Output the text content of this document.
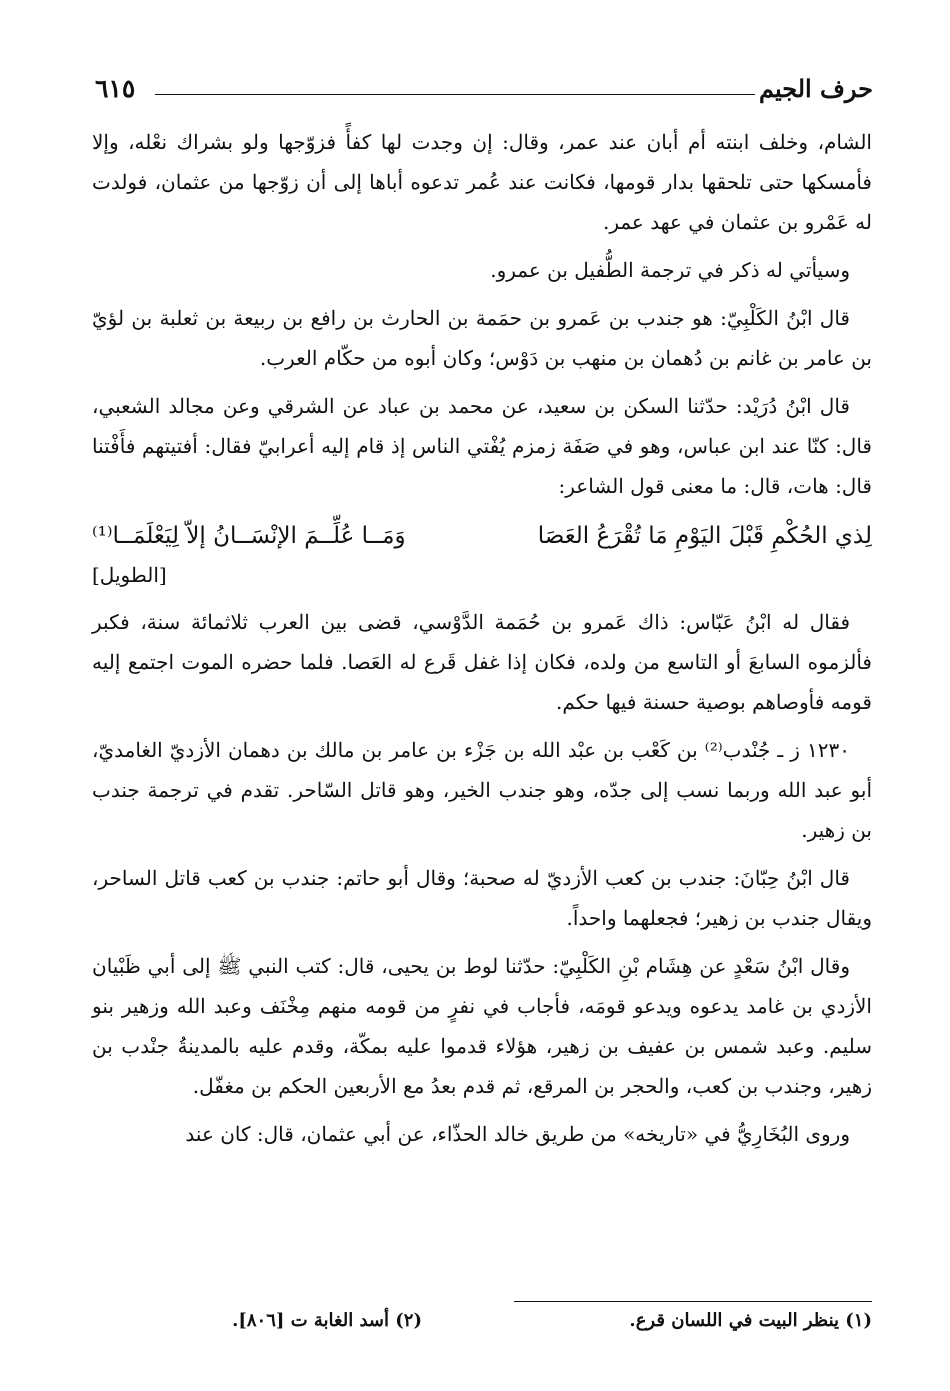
حرف الجيم
٦١٥

الشام، وخلف ابنته أم أبان عند عمر، وقال: إن وجدت لها كفأً فزوّجها ولو بشراك نعْله، وإلا فأمسكها حتى تلحقها بدار قومها، فكانت عند عُمر تدعوه أباها إلى أن زوّجها من عثمان، فولدت له عَمْرو بن عثمان في عهد عمر.

وسيأتي له ذكر في ترجمة الطُّفيل بن عمرو.

قال ابْنُ الكَلْبِيّ: هو جندب بن عَمرو بن حمَمة بن الحارث بن رافع بن ربيعة بن ثعلبة بن لؤيّ بن عامر بن غانم بن دُهمان بن منهب بن دَوْس؛ وكان أبوه من حكّام العرب.

قال ابْنُ دُرَيْد: حدّثنا السكن بن سعيد، عن محمد بن عباد عن الشرقي وعن مجالد الشعبي، قال: كنّا عند ابن عباس، وهو في صَفَة زمزم يُفْتي الناس إذ قام إليه أعرابيّ فقال: أفتيتهم فأَفْتنا قال: هات، قال: ما معنى قول الشاعر:

لِذي الحُكْمِ قَبْلَ اليَوْمِ مَا تُقْرَعُ العَصَا
وَمَــا عُلِّــمَ الإنْسَــانُ إلاّ لِيَعْلَمَــا⁽¹⁾
[الطويل]

فقال له ابْنُ عَبّاس: ذاك عَمرو بن حُمَمة الدَّوْسي، قضى بين العرب ثلاثمائة سنة، فكبر فألزموه السابعَ أو التاسع من ولده، فكان إذا غفل قَرع له العَصا. فلما حضره الموت اجتمع إليه قومه فأوصاهم بوصية حسنة فيها حكم.

١٢٣٠ ز ـ جُنْدب⁽²⁾ بن كَعْب بن عبْد الله بن جَزْء بن عامر بن مالك بن دهمان الأزديّ الغامديّ، أبو عبد الله وربما نسب إلى جدّه، وهو جندب الخير، وهو قاتل السّاحر. تقدم في ترجمة جندب بن زهير.

قال ابْنُ حِبّانَ: جندب بن كعب الأزديّ له صحبة؛ وقال أبو حاتم: جندب بن كعب قاتل الساحر، ويقال جندب بن زهير؛ فجعلهما واحداً.

وقال ابْنُ سَعْدٍ عن هِشَام بْنِ الكَلْبِيّ: حدّثنا لوط بن يحيى، قال: كتب النبي ﷺ إلى أبي ظَبْيان الأزدي بن غامد يدعوه ويدعو قومَه، فأجاب في نفرٍ من قومه منهم مِخْنَف وعبد الله وزهير بنو سليم. وعبد شمس بن عفيف بن زهير، هؤلاء قدموا عليه بمكّة، وقدم عليه بالمدينةُ جنْدب بن زهير، وجندب بن كعب، والحجر بن المرقع، ثم قدم بعدُ مع الأربعين الحكم بن مغفّل.

وروى البُخَارِيُّ في «تاريخه» من طريق خالد الحذّاء، عن أبي عثمان، قال: كان عند

(١) ينظر البيت في اللسان قرع.
(٢) أسد الغابة ت [٨٠٦].
